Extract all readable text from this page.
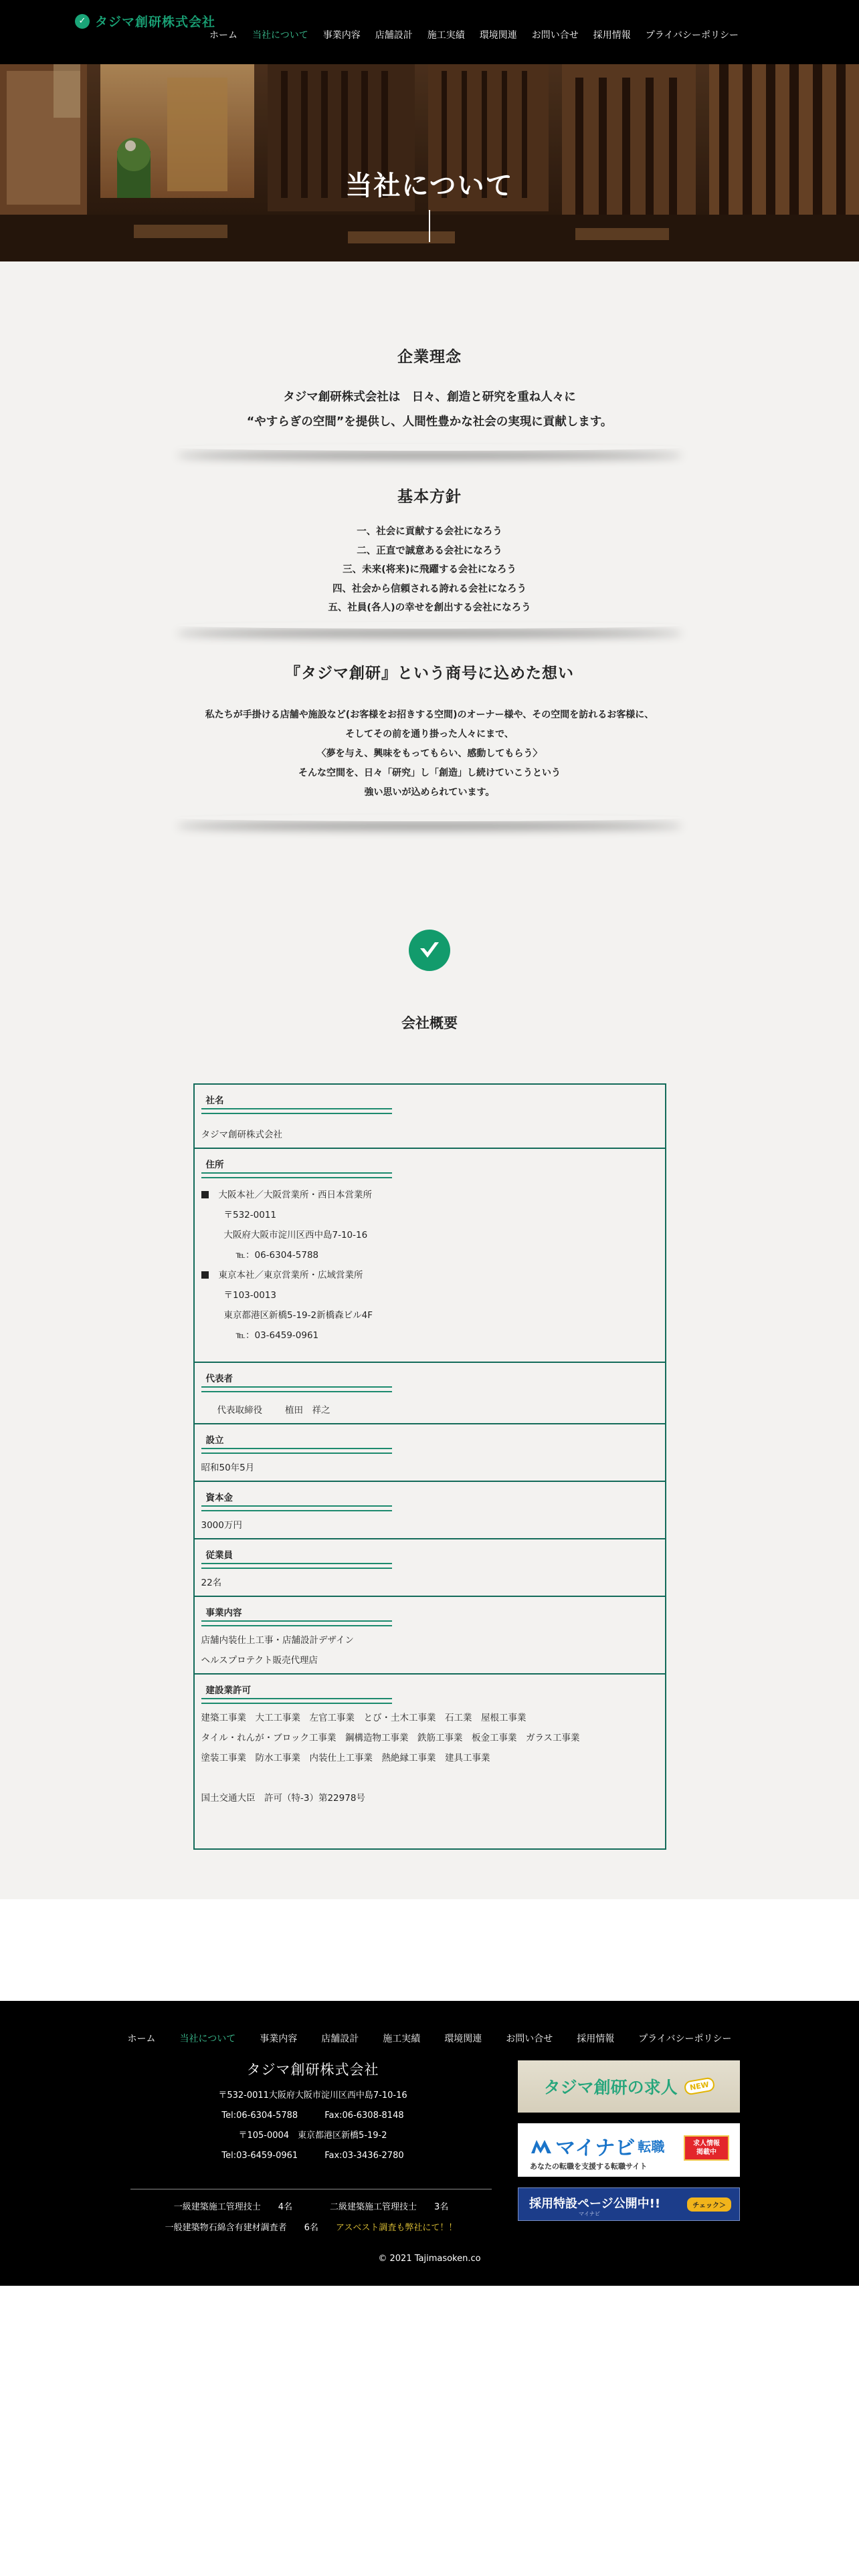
✓ タジマ創研株式会社
ホーム	当社について	事業内容	店舗設計	施工実績	環境関連	お問い合せ	採用情報	プライバシーポリシー
当社について
企業理念
タジマ創研株式会社は　日々、創造と研究を重ね人々に
“やすらぎの空間”を提供し、人間性豊かな社会の実現に貢献します。
基本方針
一、社会に貢献する会社になろう
二、正直で誠意ある会社になろう
三、未来(将来)に飛躍する会社になろう
四、社会から信頼される誇れる会社になろう
五、社員(各人)の幸せを創出する会社になろう
『タジマ創研』という商号に込めた想い
私たちが手掛ける店舗や施設など(お客様をお招きする空間)のオーナー様や、その空間を訪れるお客様に、
そしてその前を通り掛った人々にまで、
〈夢を与え、興味をもってもらい、感動してもらう〉
そんな空間を、日々「研究」し「創造」し続けていこうという
強い思いが込められています。
会社概要
社名
タジマ創研株式会社
住所
大阪本社／大阪営業所・西日本営業所
〒532-0011
大阪府大阪市淀川区西中島7-10-16
℡：06-6304-5788
東京本社／東京営業所・広域営業所
〒103-0013
東京都港区新橋5-19-2新橋森ビル4F
℡：03-6459-0961
代表者
代表取締役	植田　祥之
設立
昭和50年5月
資本金
3000万円
従業員
22名
事業内容
店舗内装仕上工事・店舗設計デザイン
ヘルスプロテクト販売代理店
建設業許可
建築工事業　大工工事業　左官工事業　とび・土木工事業　石工業　屋根工事業
タイル・れんが・ブロック工事業　鋼構造物工事業　鉄筋工事業　板金工事業　ガラス工事業
塗装工事業　防水工事業　内装仕上工事業　熱絶縁工事業　建具工事業
国土交通大臣　許可（特-3）第22978号
ホーム	当社について	事業内容	店舗設計	施工実績	環境関連	お問い合せ	採用情報	プライバシーポリシー
タジマ創研株式会社
〒532-0011大阪府大阪市淀川区西中島7-10-16
Tel:06-6304-5788	Fax:06-6308-8148
〒105-0004　東京都港区新橋5-19-2
Tel:03-6459-0961	Fax:03-3436-2780
一級建築施工管理技士 4名	二級建築施工管理技士 3名
一般建築物石綿含有建材調査者 6名 アスベスト調査も弊社にて！！
© 2021 Tajimasoken.co
タジマ創研の求人	NEW
マイナビ 転職
あなたの転職を支援する転職サイト
求人情報
掲載中
採用特設ページ公開中!!
マイナビ
チェック＞
